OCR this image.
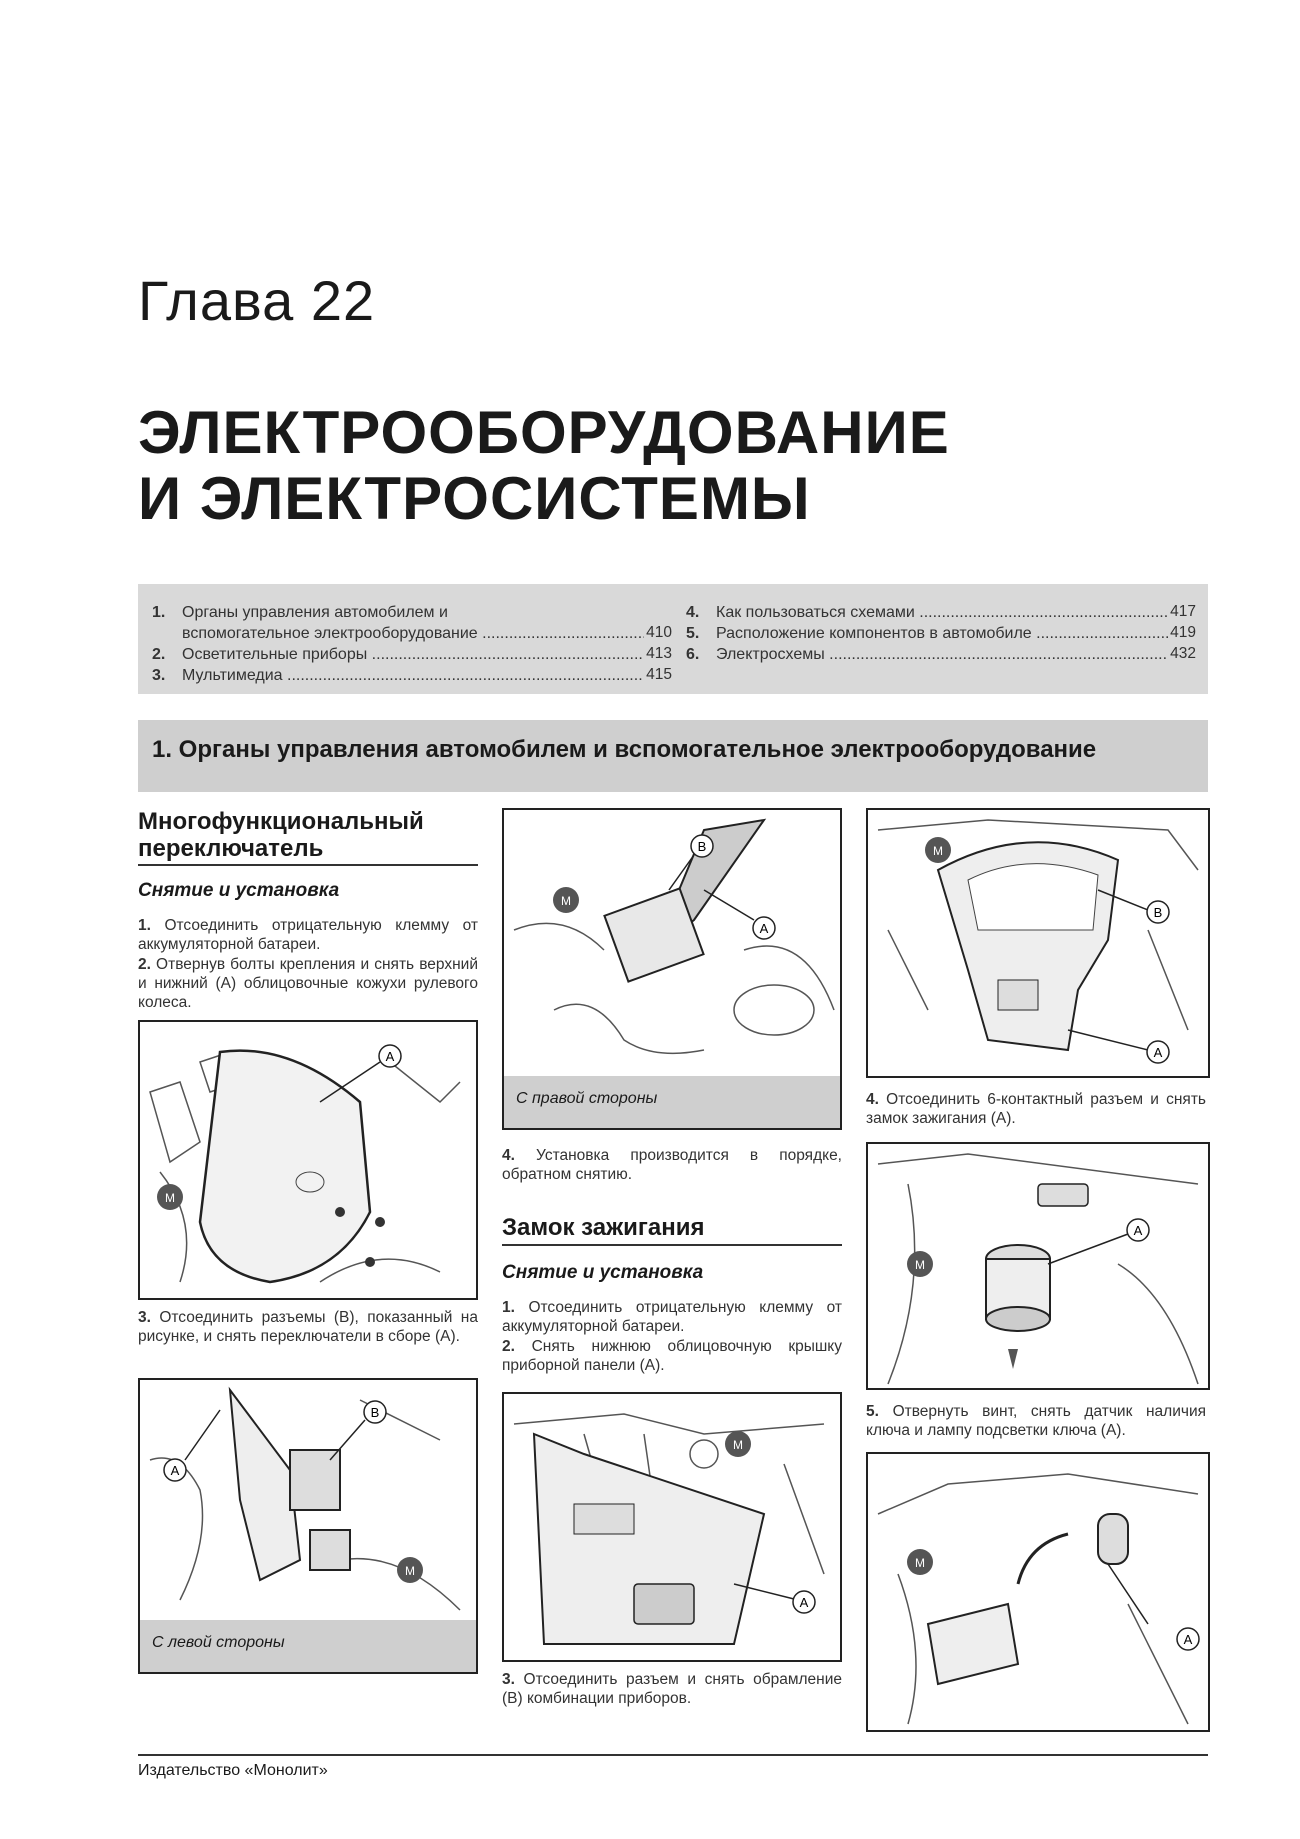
Глава 22
ЭЛЕКТРООБОРУДОВАНИЕ
И ЭЛЕКТРОСИСТЕМЫ
1.	Органы управления автомобилем и
вспомогательное электрооборудование .....	410
2.	Осветительные приборы .....	413
3.	Мультимедиа .....	415
4.	Как пользоваться схемами .....	417
5.	Расположение компонентов в автомобиле .....	419
6.	Электросхемы .....	432
1. Органы управления автомобилем и вспомогательное электрооборудование
Многофункциональный
переключатель
Снятие и установка
1. Отсоединить отрицательную клемму от аккумуляторной батареи.
2. Отвернув болты крепления и снять верхний и нижний (А) облицовочные кожухи рулевого колеса.
A
M
3. Отсоединить разъемы (В), показанный на рисунке, и снять переключатели в сборе (А).
A
B
M
С левой стороны
A
B
M
С правой стороны
4. Установка производится в порядке, обратном снятию.
Замок зажигания
Снятие и установка
1. Отсоединить отрицательную клемму от аккумуляторной батареи.
2. Снять нижнюю облицовочную крышку приборной панели (А).
A
M
3. Отсоединить разъем и снять обрамление (В) комбинации приборов.
B
A
M
4. Отсоединить 6-контактный разъем и снять замок зажигания (А).
A
M
5. Отвернуть винт, снять датчик наличия ключа и лампу подсветки ключа (А).
A
M
Издательство «Монолит»
